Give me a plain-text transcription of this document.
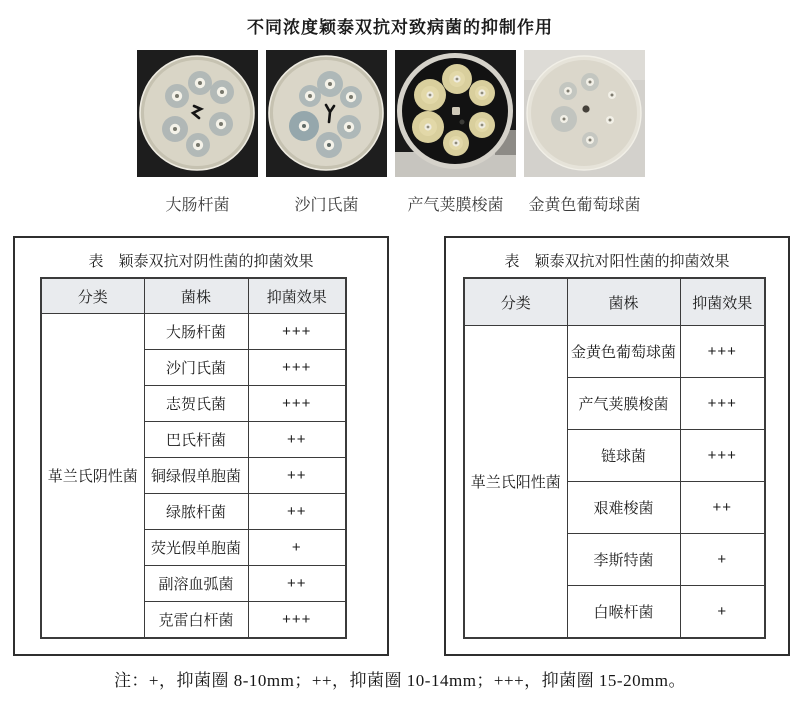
不同浓度颖泰双抗对致病菌的抑制作用
大肠杆菌	沙门氏菌	产气荚膜梭菌	金黄色葡萄球菌
表　颖泰双抗对阴性菌的抑菌效果
分类	菌株	抑菌效果
革兰氏阴性菌	大肠杆菌	+++
	沙门氏菌	+++
	志贺氏菌	+++
	巴氏杆菌	++
	铜绿假单胞菌	++
	绿脓杆菌	++
	荧光假单胞菌	+
	副溶血弧菌	++
	克雷白杆菌	+++
表　颖泰双抗对阳性菌的抑菌效果
分类	菌株	抑菌效果
革兰氏阳性菌	金黄色葡萄球菌	+++
	产气荚膜梭菌	+++
	链球菌	+++
	艰难梭菌	++
	李斯特菌	+
	白喉杆菌	+
注：+，抑菌圈 8-10mm；++，抑菌圈 10-14mm；+++，抑菌圈 15-20mm。
